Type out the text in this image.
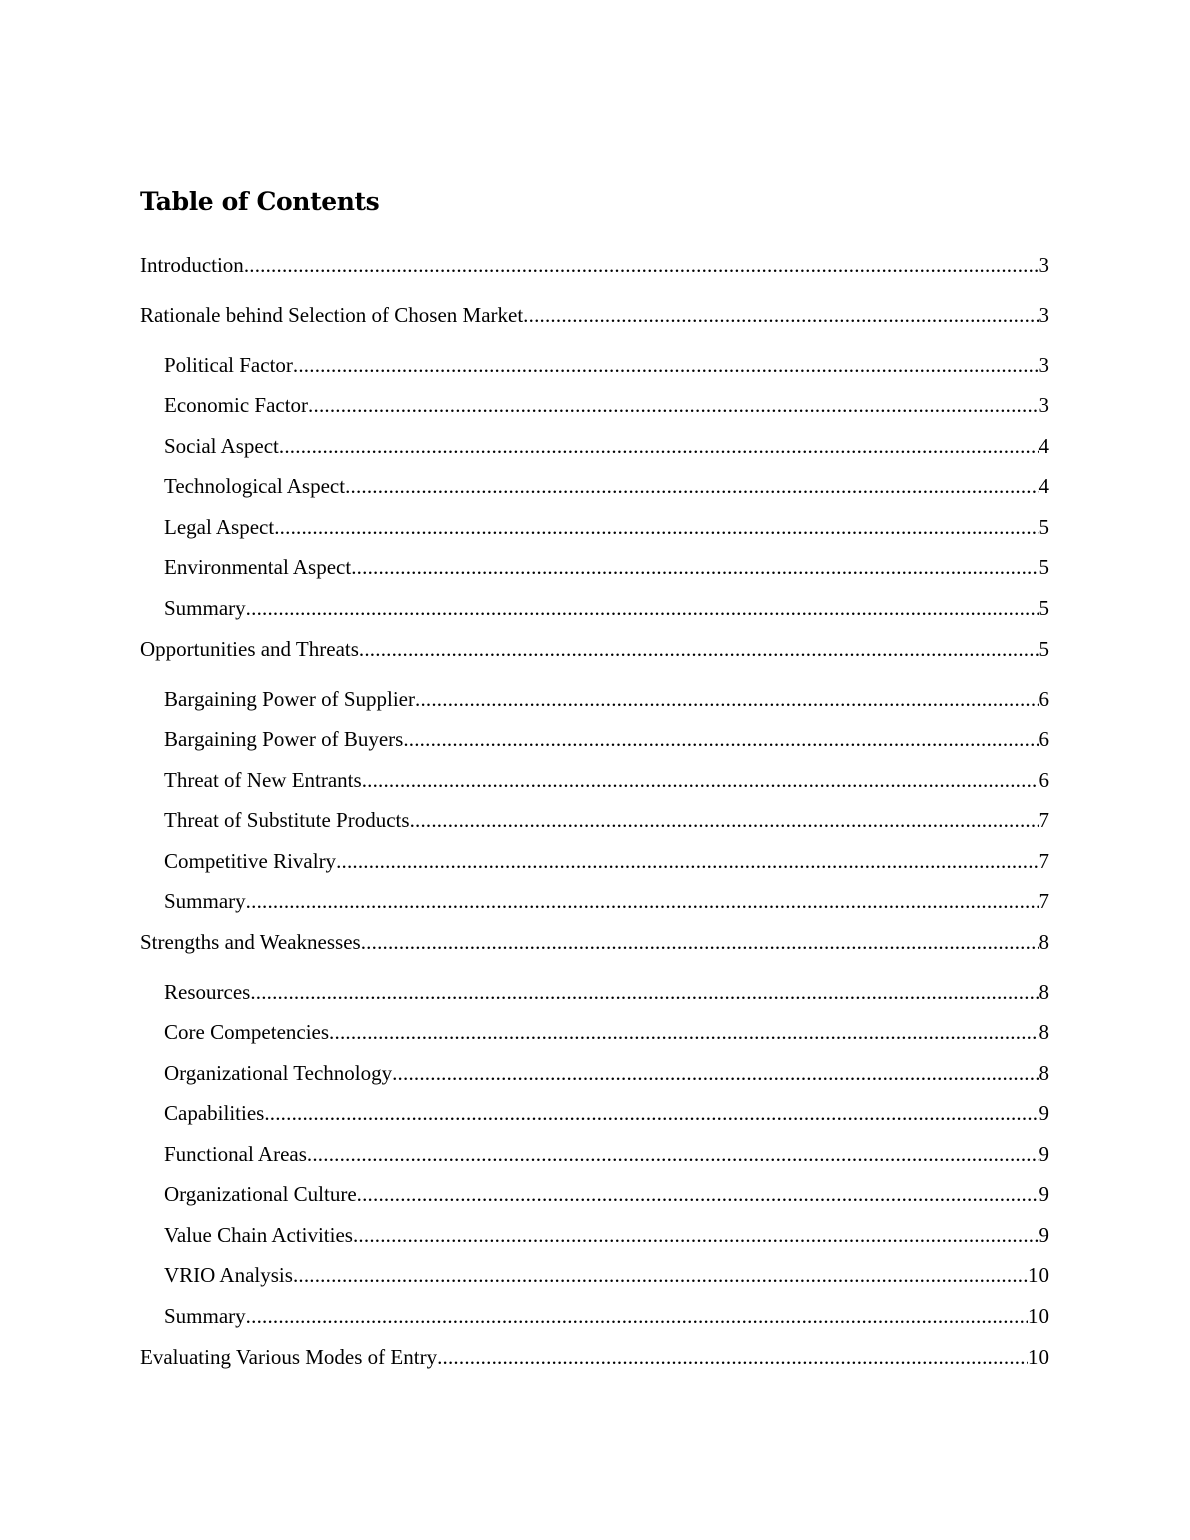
Table of Contents
Introduction .....	3
Rationale behind Selection of Chosen Market .....	3
Political Factor .....	3
Economic Factor .....	3
Social Aspect .....	4
Technological Aspect .....	4
Legal Aspect .....	5
Environmental Aspect .....	5
Summary .....	5
Opportunities and Threats .....	5
Bargaining Power of Supplier .....	6
Bargaining Power of Buyers .....	6
Threat of New Entrants .....	6
Threat of Substitute Products .....	7
Competitive Rivalry .....	7
Summary .....	7
Strengths and Weaknesses .....	8
Resources .....	8
Core Competencies .....	8
Organizational Technology .....	8
Capabilities .....	9
Functional Areas .....	9
Organizational Culture .....	9
Value Chain Activities .....	9
VRIO Analysis .....	10
Summary .....	10
Evaluating Various Modes of Entry .....	10
